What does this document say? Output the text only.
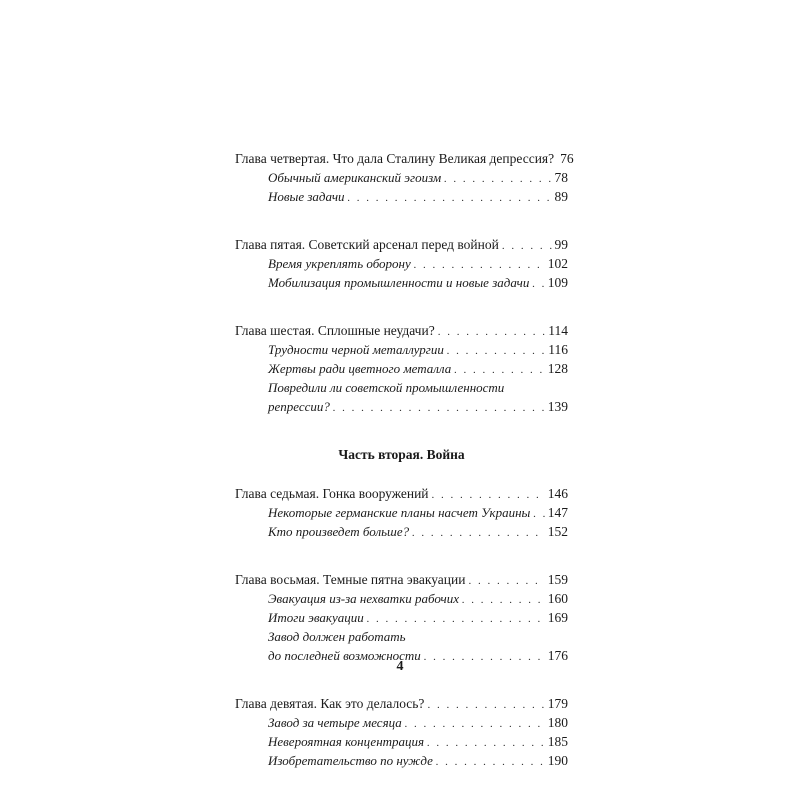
Глава четвертая. Что дала Сталину Великая депрессия? 76
Обычный американский эгоизм . . .	78
Новые задачи . . .	89
Глава пятая. Советский арсенал перед войной . . .	99
Время укреплять оборону . . .	102
Мобилизация промышленности и новые задачи . . . 109
Глава шестая. Сплошные неудачи? . . .	114
Трудности черной металлургии . . .	116
Жертвы ради цветного металла . . .	128
Повредили ли советской промышленности
репрессии? . . .	139
Часть вторая. Война
Глава седьмая. Гонка вооружений . . .	146
Некоторые германские планы насчет Украины . . . 147
Кто произведет больше? . . .	152
Глава восьмая. Темные пятна эвакуации . . .	159
Эвакуация из-за нехватки рабочих . . .	160
Итоги эвакуации . . .	169
Завод должен работать
до последней возможности . . .	176
Глава девятая. Как это делалось? . . .	179
Завод за четыре месяца . . .	180
Невероятная концентрация . . .	185
Изобретательство по нужде . . .	190
4
